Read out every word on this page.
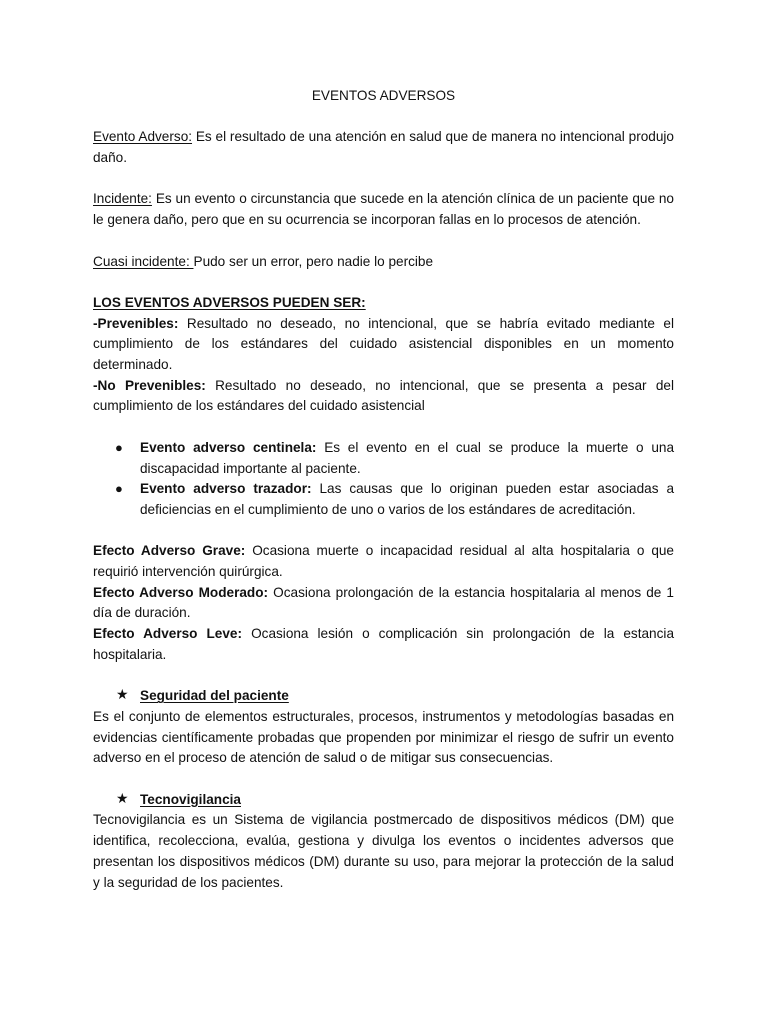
EVENTOS ADVERSOS

Evento Adverso: Es el resultado de una atención en salud que de manera no intencional produjo daño.

Incidente: Es un evento o circunstancia que sucede en la atención clínica de un paciente que no le genera daño, pero que en su ocurrencia se incorporan fallas en lo procesos de atención.

Cuasi incidente: Pudo ser un error, pero nadie lo percibe

LOS EVENTOS ADVERSOS PUEDEN SER:

-Prevenibles: Resultado no deseado, no intencional, que se habría evitado mediante el cumplimiento de los estándares del cuidado asistencial disponibles en un momento determinado.

-No Prevenibles: Resultado no deseado, no intencional, que se presenta a pesar del cumplimiento de los estándares del cuidado asistencial

● Evento adverso centinela: Es el evento en el cual se produce la muerte o una discapacidad importante al paciente.
● Evento adverso trazador: Las causas que lo originan pueden estar asociadas a deficiencias en el cumplimiento de uno o varios de los estándares de acreditación.

Efecto Adverso Grave: Ocasiona muerte o incapacidad residual al alta hospitalaria o que requirió intervención quirúrgica.

Efecto Adverso Moderado: Ocasiona prolongación de la estancia hospitalaria al menos de 1 día de duración.

Efecto Adverso Leve: Ocasiona lesión o complicación sin prolongación de la estancia hospitalaria.

★ Seguridad del paciente

Es el conjunto de elementos estructurales, procesos, instrumentos y metodologías basadas en evidencias científicamente probadas que propenden por minimizar el riesgo de sufrir un evento adverso en el proceso de atención de salud o de mitigar sus consecuencias.

★ Tecnovigilancia

Tecnovigilancia es un Sistema de vigilancia postmercado de dispositivos médicos (DM) que identifica, recolecciona, evalúa, gestiona y divulga los eventos o incidentes adversos que presentan los dispositivos médicos (DM) durante su uso, para mejorar la protección de la salud y la seguridad de los pacientes.
